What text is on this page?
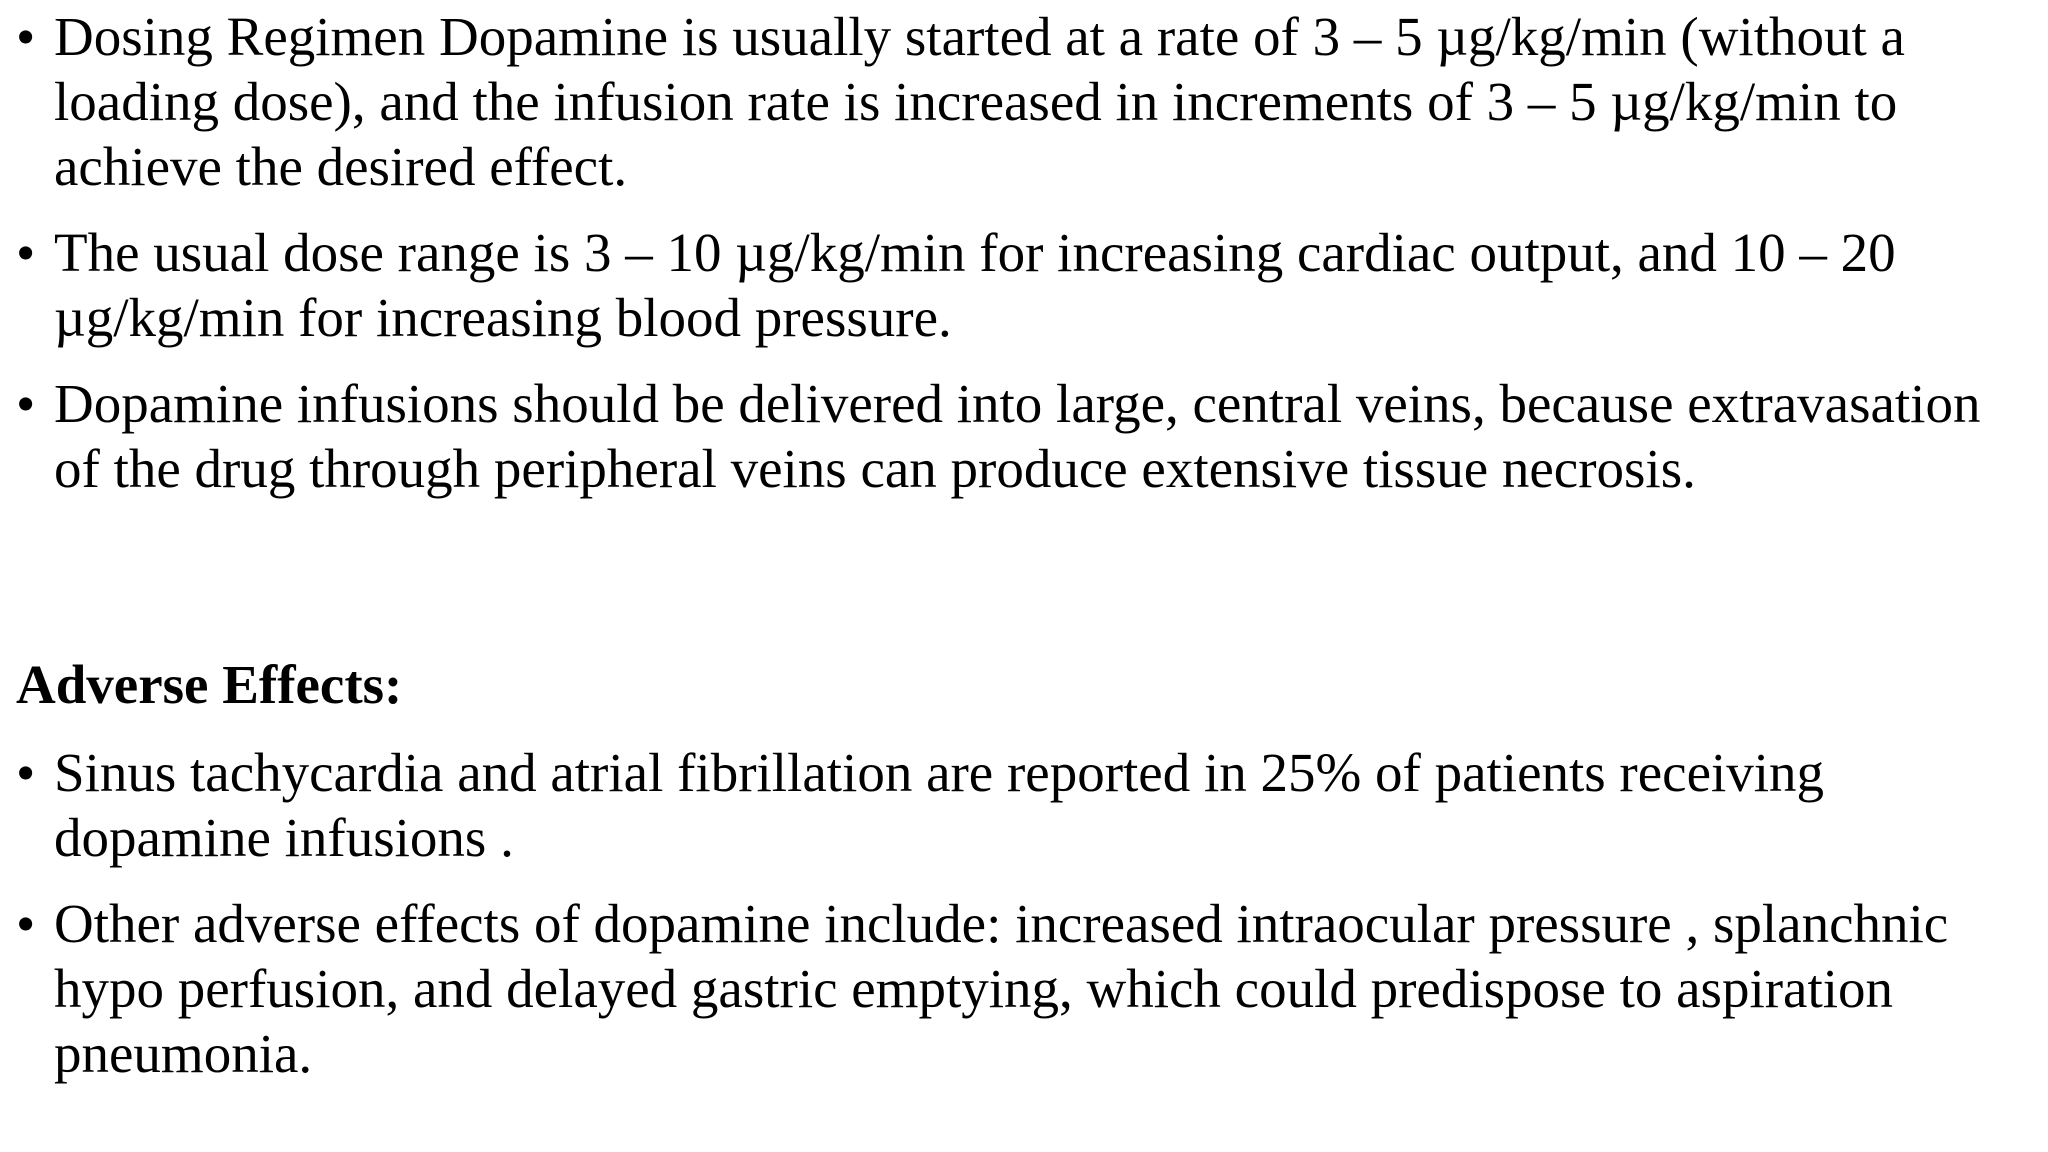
• Dosing Regimen Dopamine is usually started at a rate of 3 – 5 µg/kg/min (without a loading dose), and the infusion rate is increased in increments of 3 – 5 µg/kg/min to achieve the desired effect.
• The usual dose range is 3 – 10 µg/kg/min for increasing cardiac output, and 10 – 20 µg/kg/min for increasing blood pressure.
• Dopamine infusions should be delivered into large, central veins, because extravasation of the drug through peripheral veins can produce extensive tissue necrosis.
Adverse Effects:
• Sinus tachycardia and atrial fibrillation are reported in 25% of patients receiving dopamine infusions .
• Other adverse effects of dopamine include: increased intraocular pressure , splanchnic hypo perfusion, and delayed gastric emptying, which could predispose to aspiration pneumonia.
